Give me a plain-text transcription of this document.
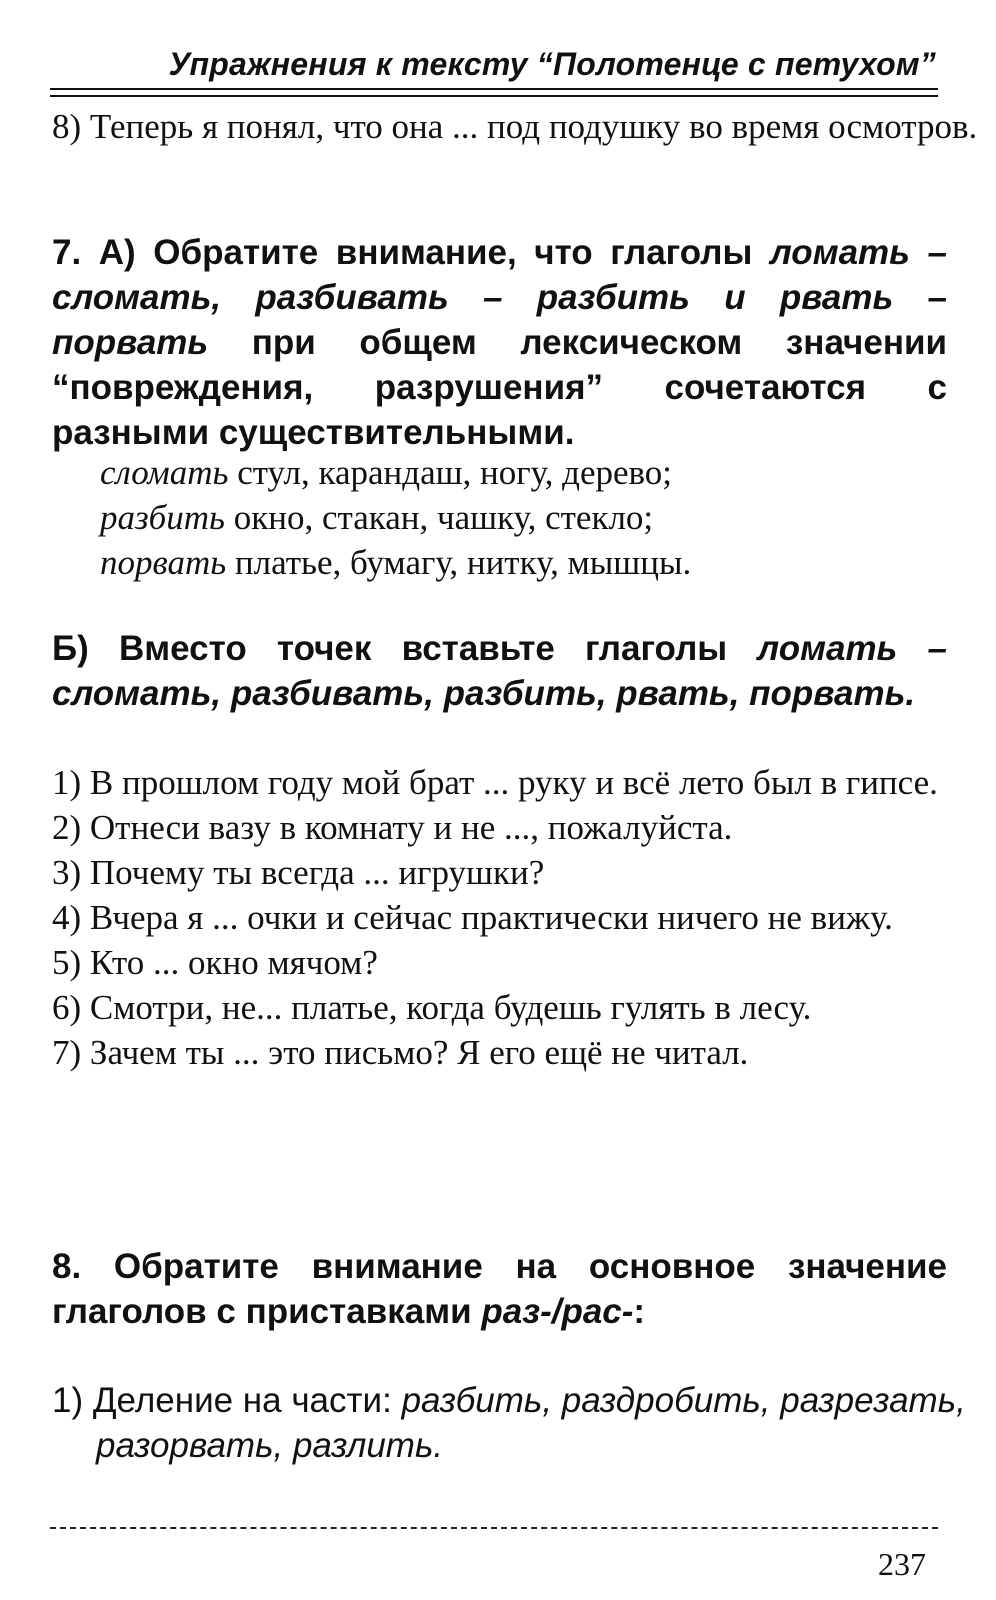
Упражнения к тексту “Полотенце с петухом”
8) Теперь я понял, что она ... под подушку во время осмотров.
7. А) Обратите внимание, что глаголы ломать – сломать, разбивать – разбить и рвать – порвать при общем лексическом значении “повреждения, разрушения” сочетаются с разными существительными.

сломать стул, карандаш, ногу, дерево;

разбить окно, стакан, чашку, стекло;

порвать платье, бумагу, нитку, мышцы.

Б) Вместо точек вставьте глаголы ломать – сломать, разбивать, разбить, рвать, порвать.
1) В прошлом году мой брат ... руку и всё лето был в гипсе.
2) Отнеси вазу в комнату и не ..., пожалуйста.
3) Почему ты всегда ... игрушки?
4) Вчера я ... очки и сейчас практически ничего не вижу.
5) Кто ... окно мячом?
6) Смотри, не... платье, когда будешь гулять в лесу.
7) Зачем ты ... это письмо? Я его ещё не читал.
8. Обратите внимание на основное значение глаголов с приставками раз-/рас-:
1) Деление на части: разбить, раздробить, разрезать, разорвать, разлить.
237
